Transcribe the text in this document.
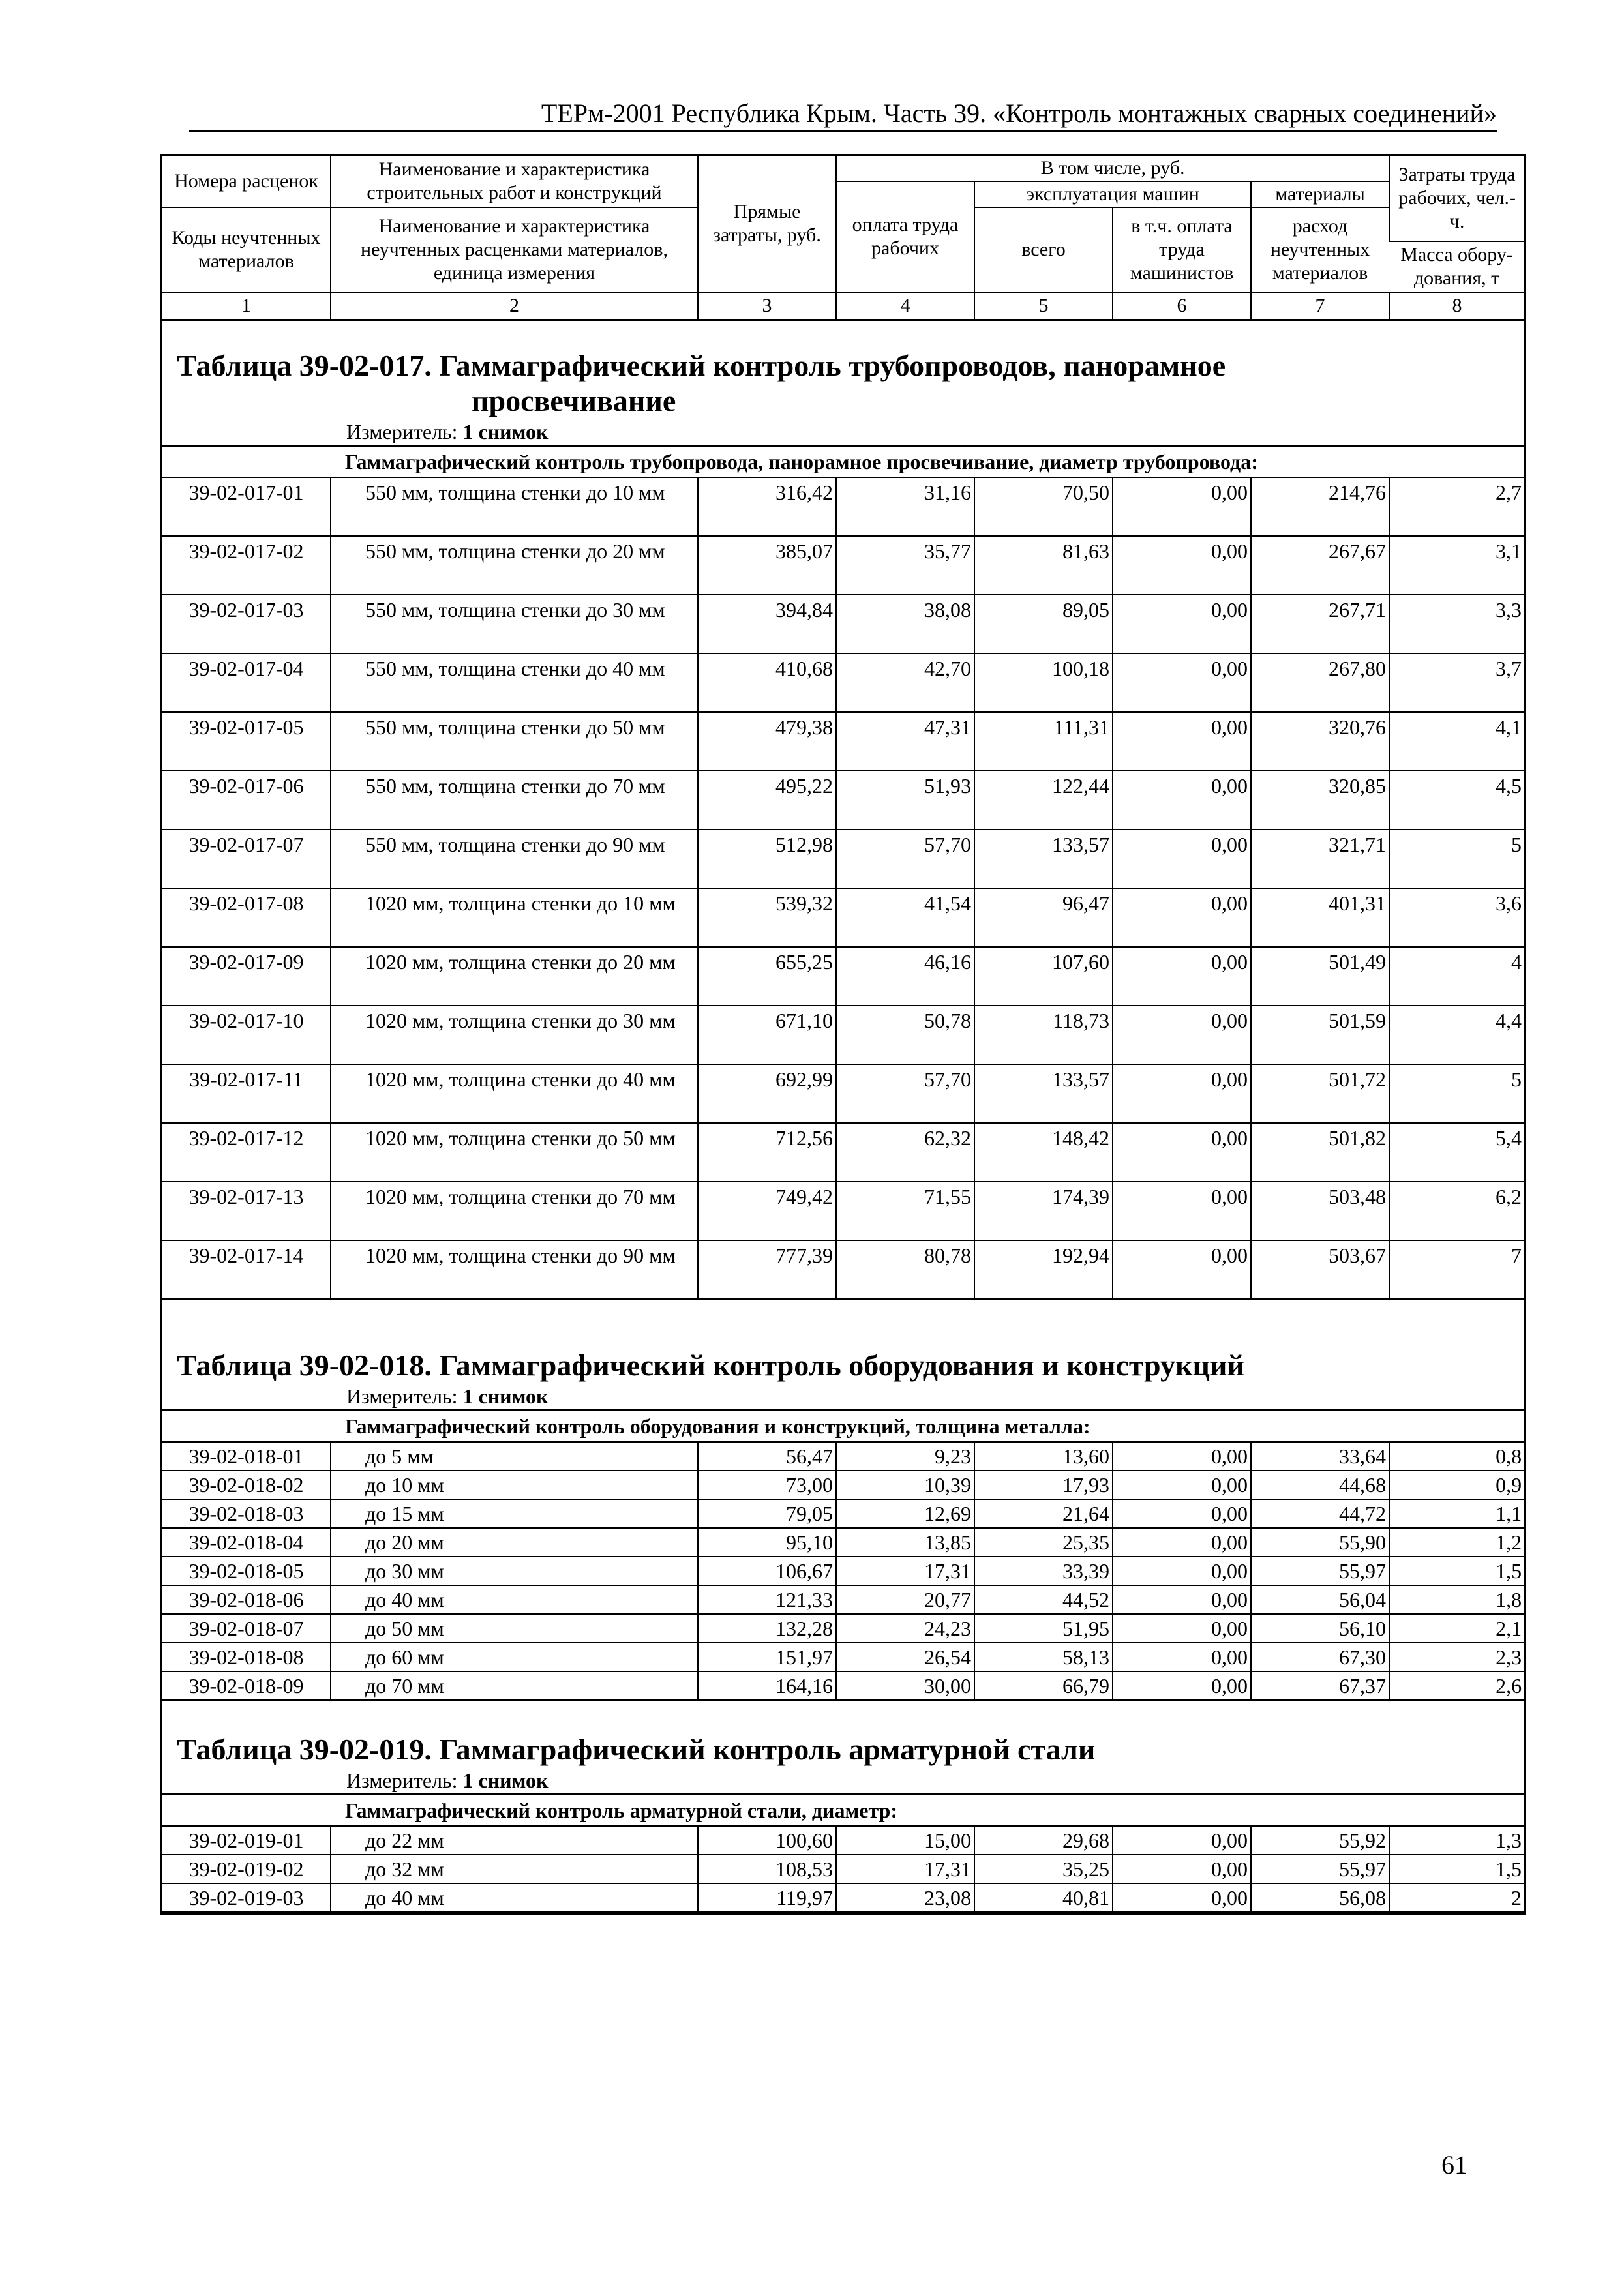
ТЕРм-2001 Республика Крым. Часть 39. «Контроль монтажных сварных соединений»
Номера расценок	Наименование и характеристика строительных работ и конструкций	Прямые затраты, руб.	В том числе, руб.				Затраты труда рабочих, чел.-ч.
			оплата труда рабочих	эксплуатация машин		материалы	
Коды неучтенных материалов	Наименование и характеристика неучтенных расценками материалов, единица измерения			всего	в т.ч. оплата труда машинистов	расход неучтенных материалов	
							Масса обору-дования, т
1	2	3	4	5	6	7	8
Таблица 39-02-017. Гаммаграфический контроль трубопроводов, панорамное
просвечивание
Измеритель: 1 снимок
Гаммаграфический контроль трубопровода, панорамное просвечивание, диаметр трубопровода:							
39-02-017-01	550 мм, толщина стенки до 10 мм	316,42	31,16	70,50	0,00	214,76	2,7
39-02-017-02	550 мм, толщина стенки до 20 мм	385,07	35,77	81,63	0,00	267,67	3,1
39-02-017-03	550 мм, толщина стенки до 30 мм	394,84	38,08	89,05	0,00	267,71	3,3
39-02-017-04	550 мм, толщина стенки до 40 мм	410,68	42,70	100,18	0,00	267,80	3,7
39-02-017-05	550 мм, толщина стенки до 50 мм	479,38	47,31	111,31	0,00	320,76	4,1
39-02-017-06	550 мм, толщина стенки до 70 мм	495,22	51,93	122,44	0,00	320,85	4,5
39-02-017-07	550 мм, толщина стенки до 90 мм	512,98	57,70	133,57	0,00	321,71	5
39-02-017-08	1020 мм, толщина стенки до 10 мм	539,32	41,54	96,47	0,00	401,31	3,6
39-02-017-09	1020 мм, толщина стенки до 20 мм	655,25	46,16	107,60	0,00	501,49	4
39-02-017-10	1020 мм, толщина стенки до 30 мм	671,10	50,78	118,73	0,00	501,59	4,4
39-02-017-11	1020 мм, толщина стенки до 40 мм	692,99	57,70	133,57	0,00	501,72	5
39-02-017-12	1020 мм, толщина стенки до 50 мм	712,56	62,32	148,42	0,00	501,82	5,4
39-02-017-13	1020 мм, толщина стенки до 70 мм	749,42	71,55	174,39	0,00	503,48	6,2
39-02-017-14	1020 мм, толщина стенки до 90 мм	777,39	80,78	192,94	0,00	503,67	7
Таблица 39-02-018. Гаммаграфический контроль оборудования и конструкций
Измеритель: 1 снимок
Гаммаграфический контроль оборудования и конструкций, толщина металла:							
39-02-018-01	до 5 мм	56,47	9,23	13,60	0,00	33,64	0,8
39-02-018-02	до 10 мм	73,00	10,39	17,93	0,00	44,68	0,9
39-02-018-03	до 15 мм	79,05	12,69	21,64	0,00	44,72	1,1
39-02-018-04	до 20 мм	95,10	13,85	25,35	0,00	55,90	1,2
39-02-018-05	до 30 мм	106,67	17,31	33,39	0,00	55,97	1,5
39-02-018-06	до 40 мм	121,33	20,77	44,52	0,00	56,04	1,8
39-02-018-07	до 50 мм	132,28	24,23	51,95	0,00	56,10	2,1
39-02-018-08	до 60 мм	151,97	26,54	58,13	0,00	67,30	2,3
39-02-018-09	до 70 мм	164,16	30,00	66,79	0,00	67,37	2,6
Таблица 39-02-019. Гаммаграфический контроль арматурной стали
Измеритель: 1 снимок
Гаммаграфический контроль арматурной стали, диаметр:							
39-02-019-01	до 22 мм	100,60	15,00	29,68	0,00	55,92	1,3
39-02-019-02	до 32 мм	108,53	17,31	35,25	0,00	55,97	1,5
39-02-019-03	до 40 мм	119,97	23,08	40,81	0,00	56,08	2
61
